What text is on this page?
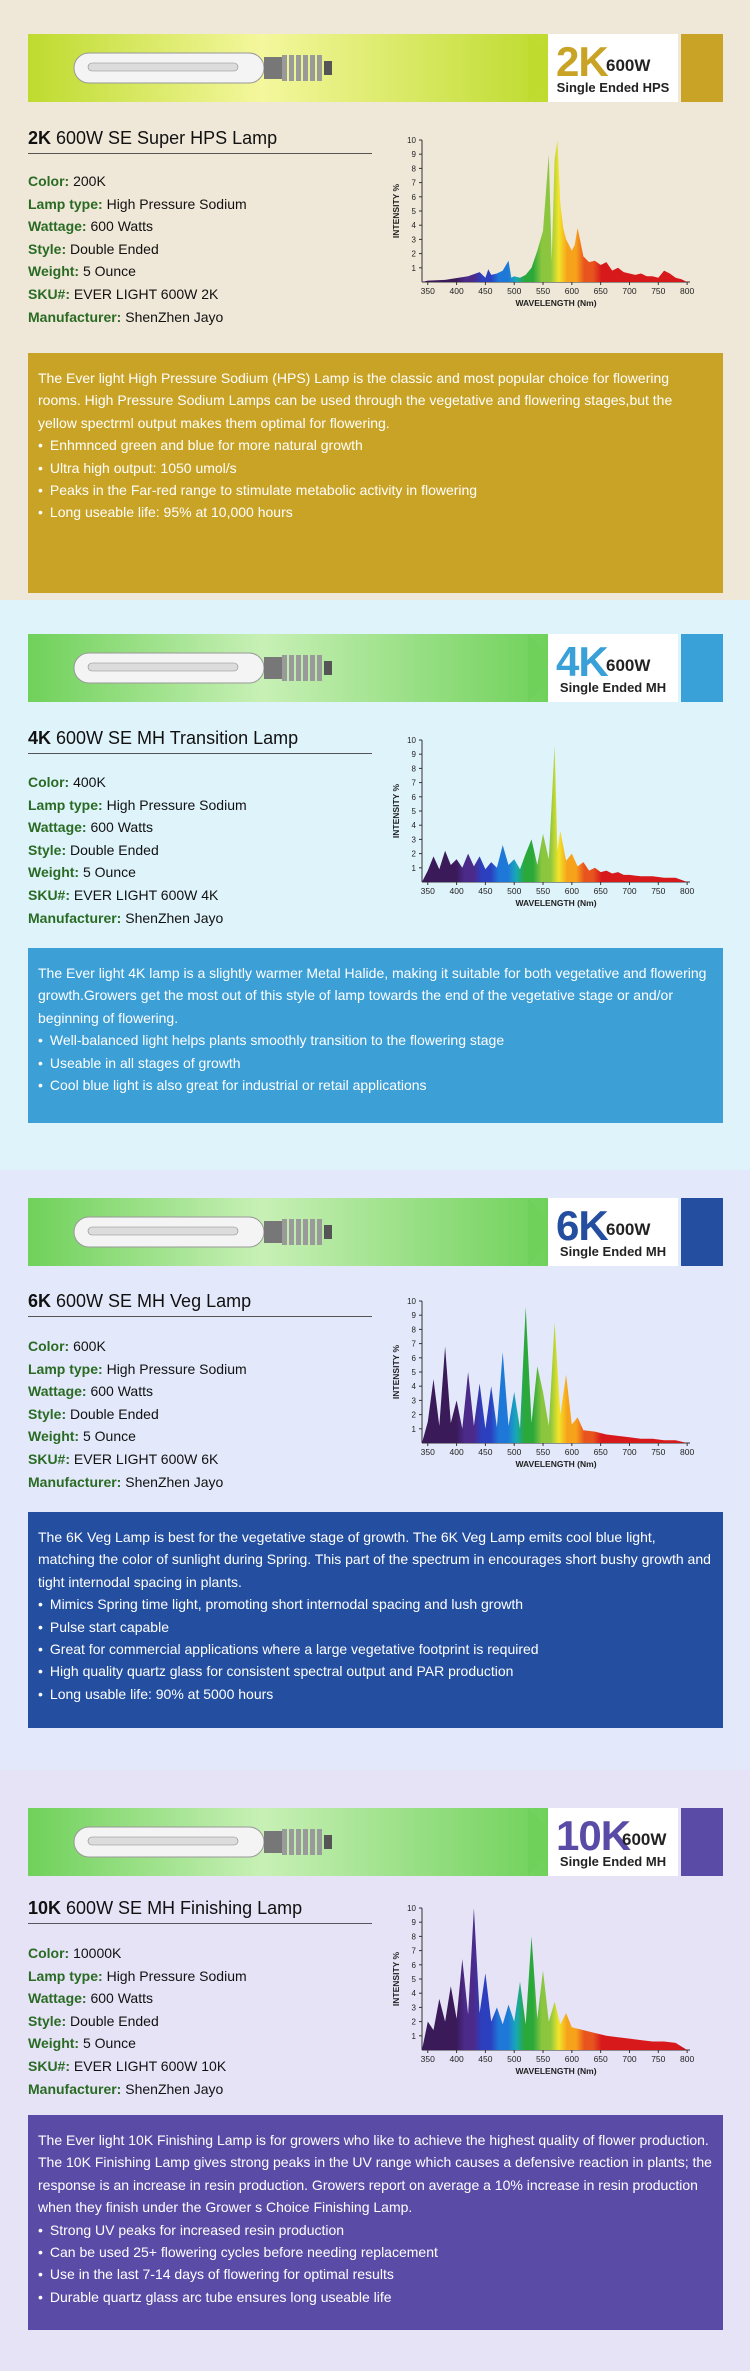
2K
600W
Single Ended HPS
2K 600W SE Super HPS Lamp
Color: 200K
Lamp type: High Pressure Sodium
Wattage: 600 Watts
Style: Double Ended
Weight: 5 Ounce
SKU#: EVER LIGHT 600W 2K
Manufacturer: ShenZhen Jayo
1
2
3
4
5
6
7
8
9
10
350 400 450 500 550 600 650 700 750 800
WAVELENGTH (Nm)
INTENSITY %

The Ever light High Pressure Sodium (HPS) Lamp is the classic and most popular choice for flowering rooms. High Pressure Sodium Lamps can be used through the vegetative and flowering stages,but the yellow spectrml output makes them optimal for flowering.

• Enhmnced green and blue for more natural growth
• Ultra high output: 1050 umol/s
• Peaks in the Far-red range to stimulate metabolic activity in flowering
• Long useable life: 95% at 10,000 hours
4K
600W
Single Ended MH
4K 600W SE MH Transition Lamp
Color: 400K
Lamp type: High Pressure Sodium
Wattage: 600 Watts
Style: Double Ended
Weight: 5 Ounce
SKU#: EVER LIGHT 600W 4K
Manufacturer: ShenZhen Jayo
1
2
3
4
5
6
7
8
9
10
350 400 450 500 550 600 650 700 750 800
WAVELENGTH (Nm)
INTENSITY %

The Ever light 4K lamp is a slightly warmer Metal Halide, making it suitable for both vegetative and flowering growth.Growers get the most out of this style of lamp towards the end of the vegetative stage or and/or beginning of flowering.

• Well-balanced light helps plants smoothly transition to the flowering stage
• Useable in all stages of growth
• Cool blue light is also great for industrial or retail applications
6K
600W
Single Ended MH
6K 600W SE MH Veg Lamp
Color: 600K
Lamp type: High Pressure Sodium
Wattage: 600 Watts
Style: Double Ended
Weight: 5 Ounce
SKU#: EVER LIGHT 600W 6K
Manufacturer: ShenZhen Jayo
1
2
3
4
5
6
7
8
9
10
350 400 450 500 550 600 650 700 750 800
WAVELENGTH (Nm)
INTENSITY %

The 6K Veg Lamp is best for the vegetative stage of growth. The 6K Veg Lamp emits cool blue light, matching the color of sunlight during Spring. This part of the spectrum in encourages short bushy growth and tight internodal spacing in plants.

• Mimics Spring time light, promoting short internodal spacing and lush growth
• Pulse start capable
• Great for commercial applications where a large vegetative footprint is required
• High quality quartz glass for consistent spectral output and PAR production
• Long usable life: 90% at 5000 hours
10K
600W
Single Ended MH
10K 600W SE MH Finishing Lamp
Color: 10000K
Lamp type: High Pressure Sodium
Wattage: 600 Watts
Style: Double Ended
Weight: 5 Ounce
SKU#: EVER LIGHT 600W 10K
Manufacturer: ShenZhen Jayo
1
2
3
4
5
6
7
8
9
10
350 400 450 500 550 600 650 700 750 800
WAVELENGTH (Nm)
INTENSITY %

The Ever light 10K Finishing Lamp is for growers who like to achieve the highest quality of flower production. The 10K Finishing Lamp gives strong peaks in the UV range which causes a defensive reaction in plants; the response is an increase in resin production. Growers report on average a 10% increase in resin production when they finish under the Grower s Choice Finishing Lamp.

• Strong UV peaks for increased resin production
• Can be used 25+ flowering cycles before needing replacement
• Use in the last 7-14 days of flowering for optimal results
• Durable quartz glass arc tube ensures long useable life
